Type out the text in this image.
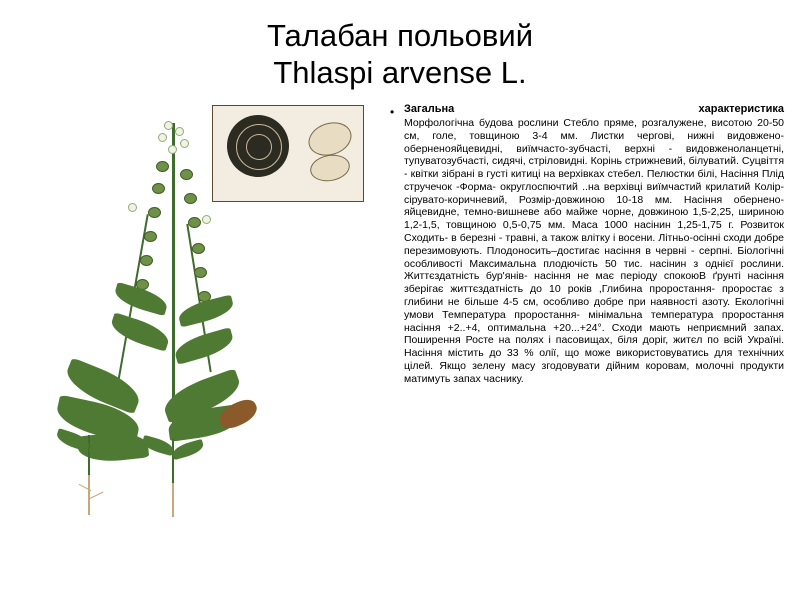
Талабан польовий
Thlaspi arvense L.
• Загальна	характеристика
Морфологічна будова рослини Стебло пряме, розгалужене, висотою 20-50 см, голе, товщиною 3-4 мм. Листки чергові, нижні видовжено-оберненояйцевидні, виїмчасто-зубчасті, верхні - видовженоланцетні, тупуватозубчасті, сидячі, стріловидні. Корінь стрижневий, білуватий. Суцвіття - квітки зібрані в густі китиці на верхівках стебел. Пелюстки білі, Насіння Плід стручечок -Форма- округлоспючтий ..на верхівці виїмчастий крилатий Колір- сірувато-коричневий, Розмір-довжиною 10-18 мм. Насіння обернено-яйцевидне, темно-вишневе або майже чорне, довжиною 1,5-2,25, шириною 1,2-1,5, товщиною 0,5-0,75 мм. Маса 1000 насінин 1,25-1,75 г. Розвиток Сходить- в березні - травні, а також влітку і восени. Літньо-осінні сходи добре перезимовують. Плодоносить–достигає насіння в червні - серпні. Біологічні особливості Максимальна плодючість 50 тис. насінин з однієї рослини. Життєздатність бур'янів- насіння не має періоду спокоюВ ґрунті насіння зберігає життєздатність до 10 років ,Глибина проростання- проростає з глибини не більше 4-5 см, особливо добре при наявності азоту. Екологічні умови Температура проростання- мінімальна температура проростання насіння +2..+4, оптимальна +20...+24°. Сходи мають неприємний запах. Поширення Росте на полях і пасовищах, біля доріг, житєл по всій Україні. Насіння містить до 33 % олії, що може використовуватись для технічних цілей. Якщо зелену масу згодовувати дійним коровам, молочні продукти матимуть запах часнику.
